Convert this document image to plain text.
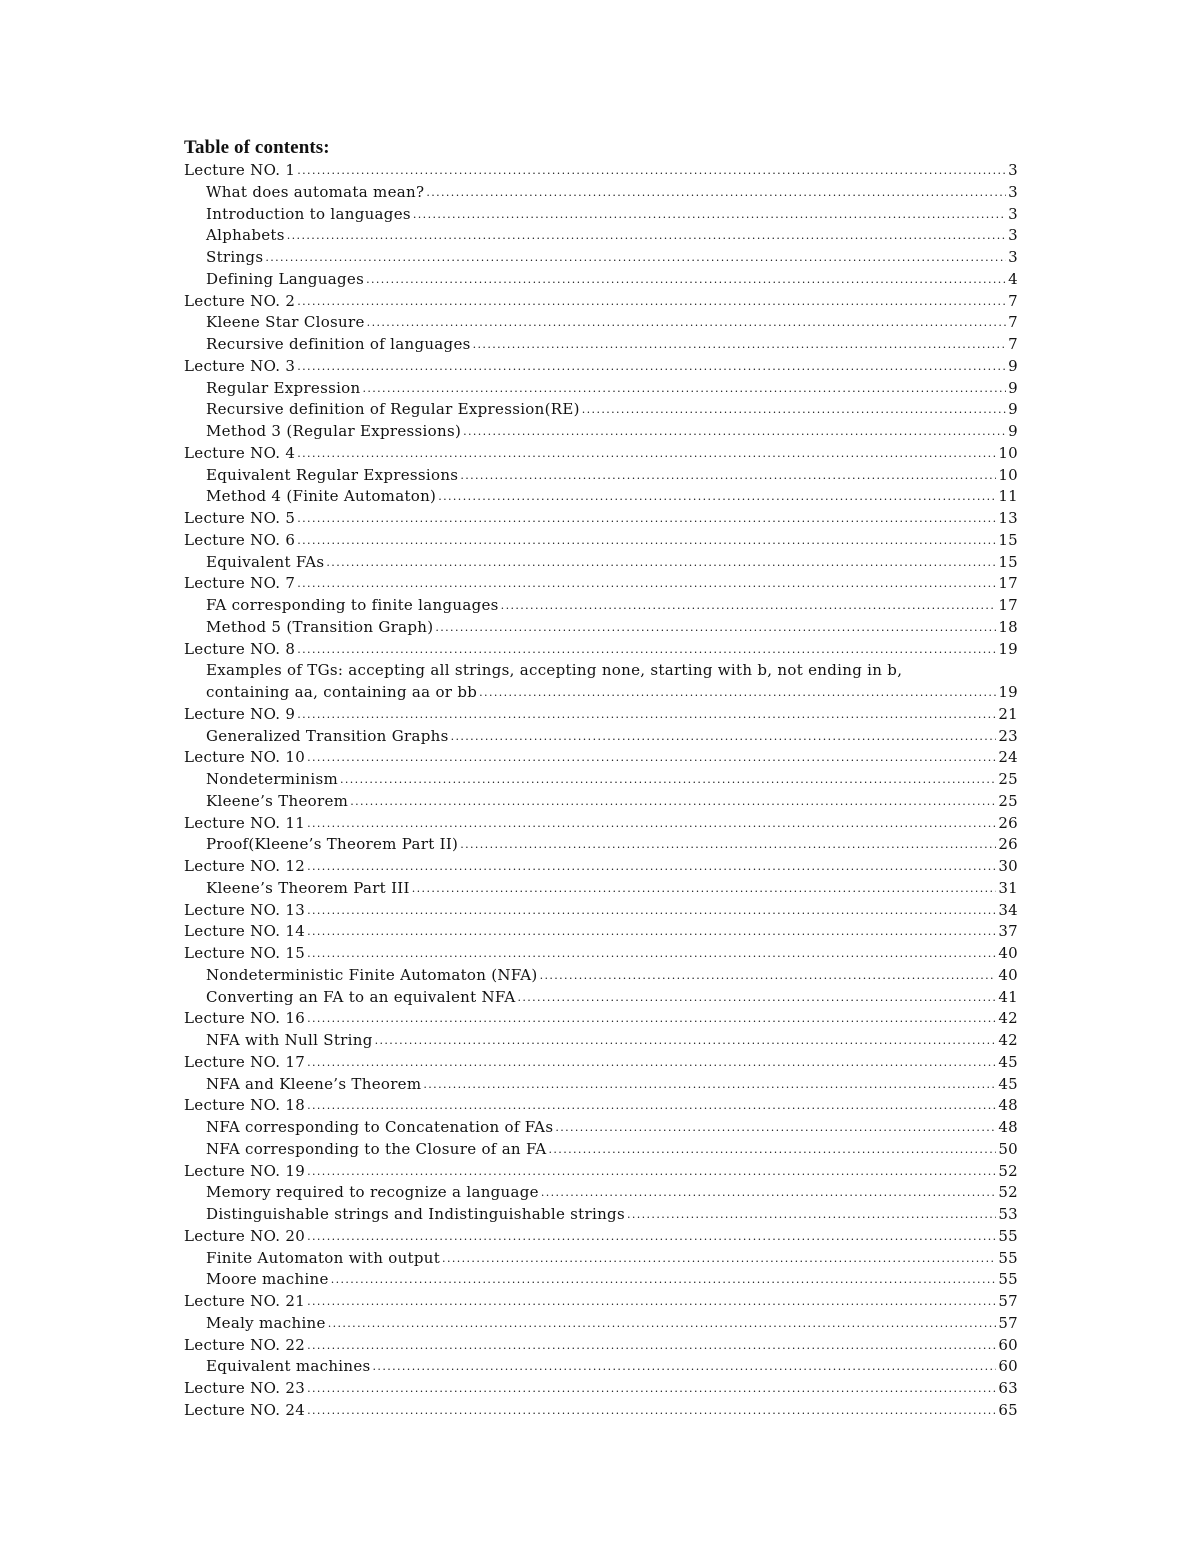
Table of contents:
Lecture NO. 1 .....	3
What does automata mean? .....	3
Introduction to languages .....	3
Alphabets .....	3
Strings .....	3
Defining Languages .....	4
Lecture NO. 2 .....	7
Kleene Star Closure .....	7
Recursive definition of languages .....	7
Lecture NO. 3 .....	9
Regular Expression .....	9
Recursive definition of Regular Expression(RE) .....	9
Method 3 (Regular Expressions) .....	9
Lecture NO. 4 .....	10
Equivalent Regular Expressions .....	10
Method 4 (Finite Automaton) .....	11
Lecture NO. 5 .....	13
Lecture NO. 6 .....	15
Equivalent FAs .....	15
Lecture NO. 7 .....	17
FA corresponding to finite languages .....	17
Method 5 (Transition Graph) .....	18
Lecture NO. 8 .....	19
Examples of TGs: accepting all strings, accepting none, starting with b, not ending in b,
containing aa, containing aa or bb .....	19
Lecture NO. 9 .....	21
Generalized Transition Graphs .....	23
Lecture NO. 10 .....	24
Nondeterminism .....	25
Kleene’s Theorem .....	25
Lecture NO. 11 .....	26
Proof(Kleene’s Theorem Part II) .....	26
Lecture NO. 12 .....	30
Kleene’s Theorem Part III .....	31
Lecture NO. 13 .....	34
Lecture NO. 14 .....	37
Lecture NO. 15 .....	40
Nondeterministic Finite Automaton (NFA) .....	40
Converting an FA to an equivalent NFA .....	41
Lecture NO. 16 .....	42
NFA with Null String .....	42
Lecture NO. 17 .....	45
NFA and Kleene’s Theorem .....	45
Lecture NO. 18 .....	48
NFA corresponding to Concatenation of FAs .....	48
NFA corresponding to the Closure of an FA .....	50
Lecture NO. 19 .....	52
Memory required to recognize a language .....	52
Distinguishable strings and Indistinguishable strings .....	53
Lecture NO. 20 .....	55
Finite Automaton with output .....	55
Moore machine .....	55
Lecture NO. 21 .....	57
Mealy machine .....	57
Lecture NO. 22 .....	60
Equivalent machines .....	60
Lecture NO. 23 .....	63
Lecture NO. 24 .....	65
